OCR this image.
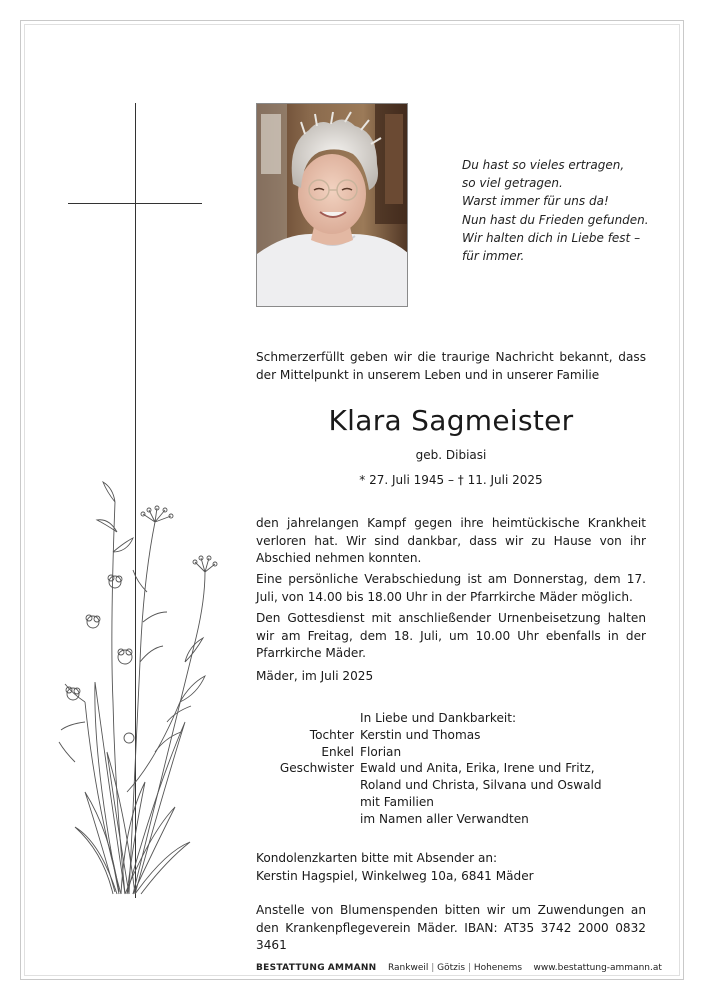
Du hast so vieles ertragen,
so viel getragen.
Warst immer für uns da!
Nun hast du Frieden gefunden.
Wir halten dich in Liebe fest –
für immer.
Schmerzerfüllt geben wir die traurige Nachricht bekannt, dass der Mittelpunkt in unserem Leben und in unserer Familie
Klara Sagmeister
geb. Dibiasi
* 27. Juli 1945 – † 11. Juli 2025
den jahrelangen Kampf gegen ihre heimtückische Krankheit verloren hat. Wir sind dankbar, dass wir zu Hause von ihr Abschied nehmen konnten.
Eine persönliche Verabschiedung ist am Donnerstag, dem 17. Juli, von 14.00 bis 18.00 Uhr in der Pfarrkirche Mäder möglich.
Den Gottesdienst mit anschließender Urnenbeisetzung halten wir am Freitag, dem 18. Juli, um 10.00 Uhr ebenfalls in der Pfarrkirche Mäder.
Mäder, im Juli 2025
In Liebe und Dankbarkeit:
Tochter Kerstin und Thomas
Enkel Florian
Geschwister Ewald und Anita, Erika, Irene und Fritz,
Roland und Christa, Silvana und Oswald
mit Familien
im Namen aller Verwandten
Kondolenzkarten bitte mit Absender an:
Kerstin Hagspiel, Winkelweg 10a, 6841 Mäder
Anstelle von Blumenspenden bitten wir um Zuwendungen an den Krankenpflegeverein Mäder. IBAN: AT35 3742 2000 0832 3461
BESTATTUNG AMMANN Rankweil | Götzis | Hohenems www.bestattung-ammann.at
